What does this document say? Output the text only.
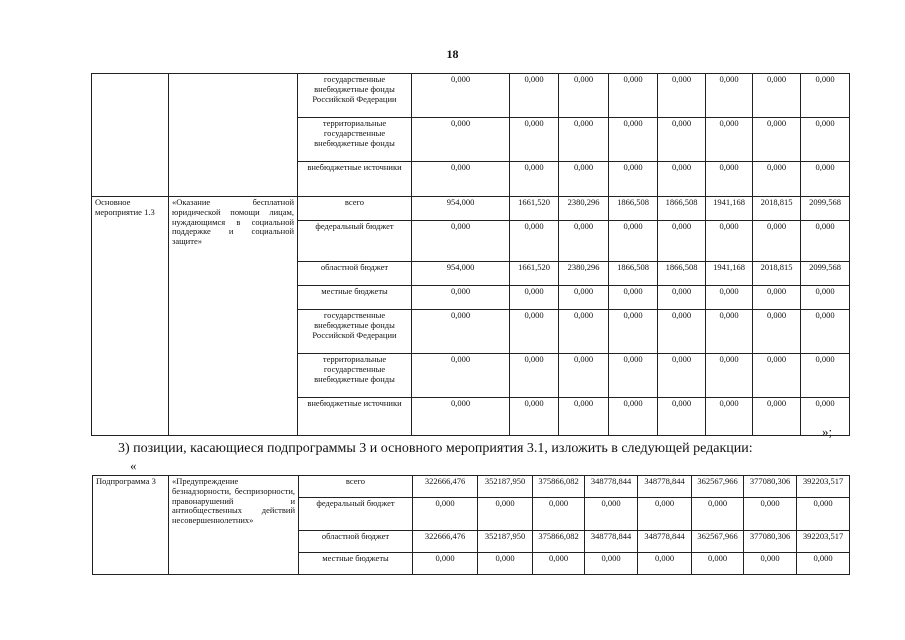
18
		государственные внебюджетные фонды Российской Федерации	0,000	0,000	0,000	0,000	0,000	0,000	0,000	0,000
		территориальные государственные внебюджетные фонды	0,000	0,000	0,000	0,000	0,000	0,000	0,000	0,000
		внебюджетные источники	0,000	0,000	0,000	0,000	0,000	0,000	0,000	0,000
Основное мероприятие 1.3	«Оказание бесплатной юридической помощи лицам, нуждающимся в социальной поддержке и социальной защите»	всего	954,000	1661,520	2380,296	1866,508	1866,508	1941,168	2018,815	2099,568
		федеральный бюджет	0,000	0,000	0,000	0,000	0,000	0,000	0,000	0,000
		областной бюджет	954,000	1661,520	2380,296	1866,508	1866,508	1941,168	2018,815	2099,568
		местные бюджеты	0,000	0,000	0,000	0,000	0,000	0,000	0,000	0,000
		государственные внебюджетные фонды Российской Федерации	0,000	0,000	0,000	0,000	0,000	0,000	0,000	0,000
		территориальные государственные внебюджетные фонды	0,000	0,000	0,000	0,000	0,000	0,000	0,000	0,000
		внебюджетные источники	0,000	0,000	0,000	0,000	0,000	0,000	0,000	0,000
»;
3) позиции, касающиеся подпрограммы 3 и основного мероприятия 3.1, изложить в следующей редакции:
«
Подпрограмма 3	«Предупреждение безнадзорности, беспризорности, правонарушений и антиобщественных действий несовершеннолетних»	всего	322666,476	352187,950	375866,082	348778,844	348778,844	362567,966	377080,306	392203,517
		федеральный бюджет	0,000	0,000	0,000	0,000	0,000	0,000	0,000	0,000
		областной бюджет	322666,476	352187,950	375866,082	348778,844	348778,844	362567,966	377080,306	392203,517
		местные бюджеты	0,000	0,000	0,000	0,000	0,000	0,000	0,000	0,000
